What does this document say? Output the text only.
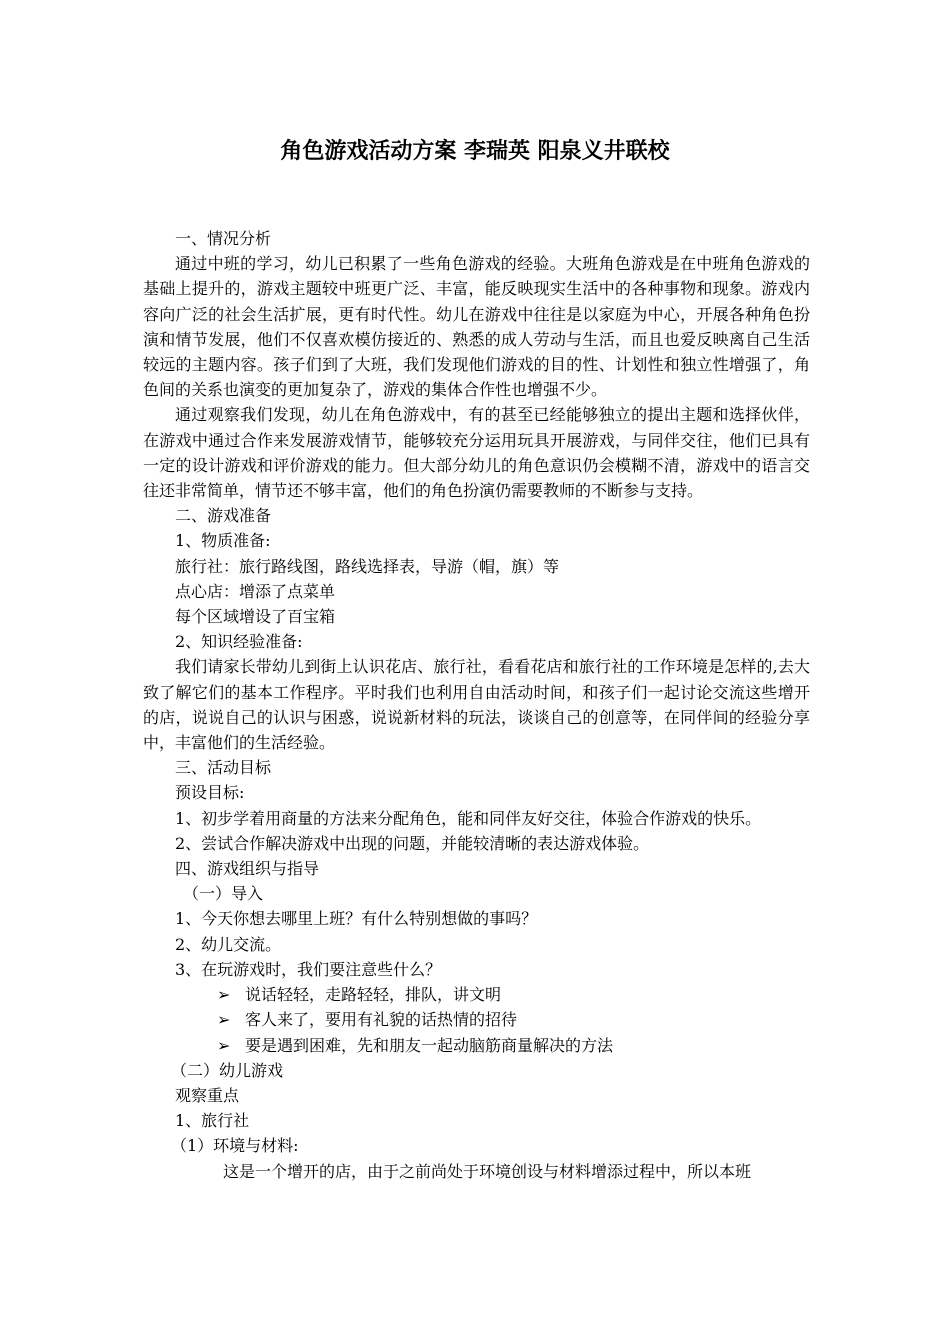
角色游戏活动方案 李瑞英 阳泉义井联校

一、情况分析

通过中班的学习，幼儿已积累了一些角色游戏的经验。大班角色游戏是在中班角色游戏的基础上提升的，游戏主题较中班更广泛、丰富，能反映现实生活中的各种事物和现象。游戏内容向广泛的社会生活扩展，更有时代性。幼儿在游戏中往往是以家庭为中心，开展各种角色扮演和情节发展，他们不仅喜欢模仿接近的、熟悉的成人劳动与生活，而且也爱反映离自己生活较远的主题内容。孩子们到了大班，我们发现他们游戏的目的性、计划性和独立性增强了，角色间的关系也演变的更加复杂了，游戏的集体合作性也增强不少。

通过观察我们发现，幼儿在角色游戏中，有的甚至已经能够独立的提出主题和选择伙伴，在游戏中通过合作来发展游戏情节，能够较充分运用玩具开展游戏，与同伴交往，他们已具有一定的设计游戏和评价游戏的能力。但大部分幼儿的角色意识仍会模糊不清，游戏中的语言交往还非常简单，情节还不够丰富，他们的角色扮演仍需要教师的不断参与支持。

二、游戏准备

1、物质准备:

旅行社：旅行路线图，路线选择表，导游（帽，旗）等

点心店：增添了点菜单

每个区域增设了百宝箱

2、知识经验准备:

我们请家长带幼儿到街上认识花店、旅行社，看看花店和旅行社的工作环境是怎样的,去大致了解它们的基本工作程序。平时我们也利用自由活动时间，和孩子们一起讨论交流这些增开的店，说说自己的认识与困惑，说说新材料的玩法，谈谈自己的创意等，在同伴间的经验分享中，丰富他们的生活经验。

三、活动目标

预设目标:

1、初步学着用商量的方法来分配角色，能和同伴友好交往，体验合作游戏的快乐。

2、尝试合作解决游戏中出现的问题，并能较清晰的表达游戏体验。

四、游戏组织与指导

（一）导入

1、今天你想去哪里上班？有什么特别想做的事吗？

2、幼儿交流。

3、在玩游戏时，我们要注意些什么？

➢ 说话轻轻，走路轻轻，排队，讲文明

➢ 客人来了，要用有礼貌的话热情的招待

➢ 要是遇到困难，先和朋友一起动脑筋商量解决的方法

（二）幼儿游戏

观察重点

1、旅行社

（1）环境与材料:

这是一个增开的店，由于之前尚处于环境创设与材料增添过程中，所以本班
